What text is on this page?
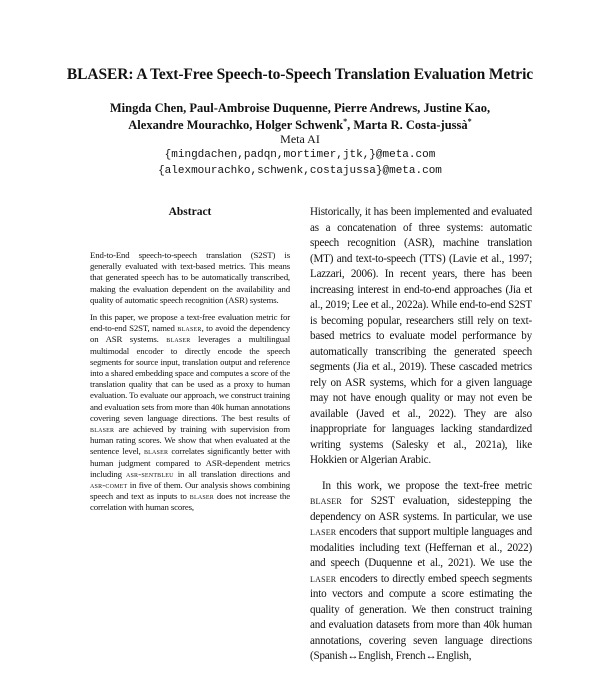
BLASER: A Text-Free Speech-to-Speech Translation Evaluation Metric
Mingda Chen, Paul-Ambroise Duquenne, Pierre Andrews, Justine Kao,
Alexandre Mourachko, Holger Schwenk*, Marta R. Costa-jussà*
Meta AI
{mingdachen,padqn,mortimer,jtk,}@meta.com
{alexmourachko,schwenk,costajussa}@meta.com
Abstract

End-to-End speech-to-speech translation (S2ST) is generally evaluated with text-based metrics. This means that generated speech has to be automatically transcribed, making the evaluation dependent on the availability and quality of automatic speech recognition (ASR) systems.

In this paper, we propose a text-free evaluation metric for end-to-end S2ST, named blaser, to avoid the dependency on ASR systems. blaser leverages a multilingual multimodal encoder to directly encode the speech segments for source input, translation output and reference into a shared embedding space and computes a score of the translation quality that can be used as a proxy to human evaluation. To evaluate our approach, we construct training and evaluation sets from more than 40k human annotations covering seven language directions. The best results of blaser are achieved by training with supervision from human rating scores. We show that when evaluated at the sentence level, blaser correlates significantly better with human judgment compared to ASR-dependent metrics including asr-sentbleu in all translation directions and asr-comet in five of them. Our analysis shows combining speech and text as inputs to blaser does not increase the correlation with human scores,

Historically, it has been implemented and evaluated as a concatenation of three systems: automatic speech recognition (ASR), machine translation (MT) and text-to-speech (TTS) (Lavie et al., 1997; Lazzari, 2006). In recent years, there has been increasing interest in end-to-end approaches (Jia et al., 2019; Lee et al., 2022a). While end-to-end S2ST is becoming popular, researchers still rely on text-based metrics to evaluate model performance by automatically transcribing the generated speech segments (Jia et al., 2019). These cascaded metrics rely on ASR systems, which for a given language may not have enough quality or may not even be available (Javed et al., 2022). They are also inappropriate for languages lacking standardized writing systems (Salesky et al., 2021a), like Hokkien or Algerian Arabic.

In this work, we propose the text-free metric blaser for S2ST evaluation, sidestepping the dependency on ASR systems. In particular, we use laser encoders that support multiple languages and modalities including text (Heffernan et al., 2022) and speech (Duquenne et al., 2021). We use the laser encoders to directly embed speech segments into vectors and compute a score estimating the quality of generation. We then construct training and evaluation datasets from more than 40k human annotations, covering seven language directions (Spanish↔English, French↔English,
